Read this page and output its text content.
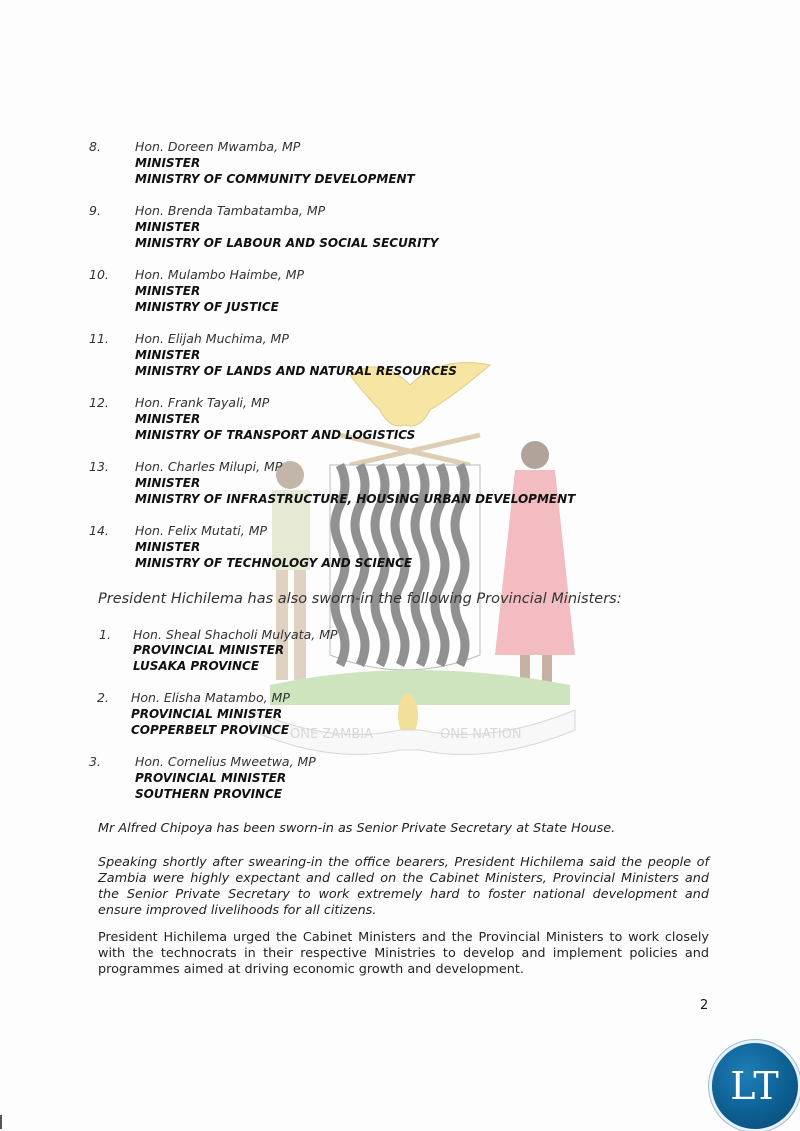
ONE ZAMBIA	ONE NATION
8.	Hon. Doreen Mwamba, MP
MINISTER
MINISTRY OF COMMUNITY DEVELOPMENT
9.	Hon. Brenda Tambatamba, MP
MINISTER
MINISTRY OF LABOUR AND SOCIAL SECURITY
10. Hon. Mulambo Haimbe, MP
MINISTER
MINISTRY OF JUSTICE
11. Hon. Elijah Muchima, MP
MINISTER
MINISTRY OF LANDS AND NATURAL RESOURCES
12. Hon. Frank Tayali, MP
MINISTER
MINISTRY OF TRANSPORT AND LOGISTICS
13. Hon. Charles Milupi, MP
MINISTER
MINISTRY OF INFRASTRUCTURE, HOUSING URBAN DEVELOPMENT
14. Hon. Felix Mutati, MP
MINISTER
MINISTRY OF TECHNOLOGY AND SCIENCE
President Hichilema has also sworn-in the following Provincial Ministers:
1. Hon. Sheal Shacholi Mulyata, MP
PROVINCIAL MINISTER
LUSAKA PROVINCE
2. Hon. Elisha Matambo, MP
PROVINCIAL MINISTER
COPPERBELT PROVINCE
3.	Hon. Cornelius Mweetwa, MP
PROVINCIAL MINISTER
SOUTHERN PROVINCE
Mr Alfred Chipoya has been sworn-in as Senior Private Secretary at State House.
Speaking shortly after swearing-in the office bearers, President Hichilema said the people of Zambia were highly expectant and called on the Cabinet Ministers, Provincial Ministers and the Senior Private Secretary to work extremely hard to foster national development and ensure improved livelihoods for all citizens.
President Hichilema urged the Cabinet Ministers and the Provincial Ministers to work closely with the technocrats in their respective Ministries to develop and implement policies and programmes aimed at driving economic growth and development.
2
LT
